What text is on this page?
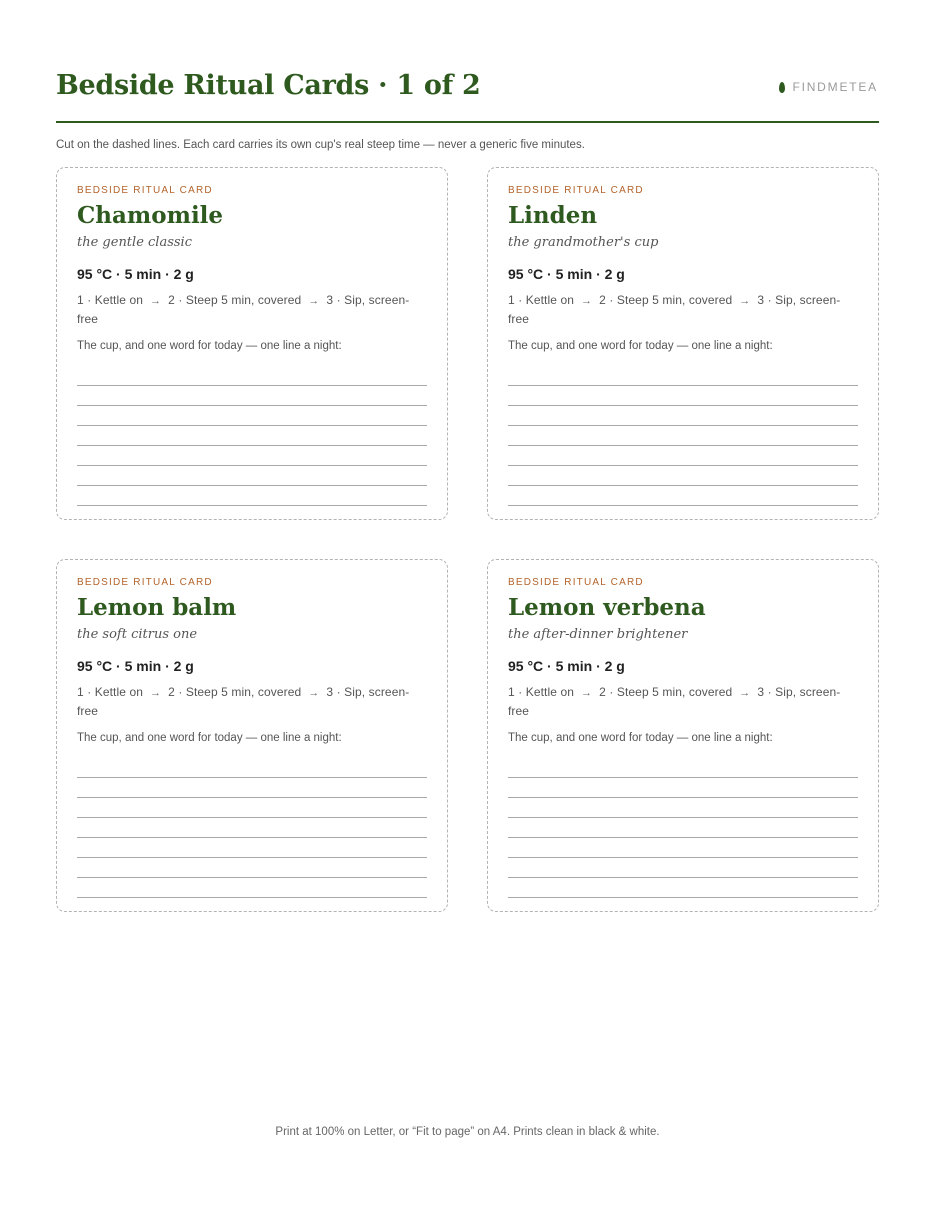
Bedside Ritual Cards · 1 of 2	FINDMETEA

Cut on the dashed lines. Each card carries its own cup's real steep time — never a generic five minutes.

BEDSIDE RITUAL CARD
Chamomile
the gentle classic
95 °C · 5 min · 2 g
1 · Kettle on → 2 · Steep 5 min, covered → 3 · Sip, screen-free
The cup, and one word for today — one line a night:
BEDSIDE RITUAL CARD
Linden
the grandmother's cup
95 °C · 5 min · 2 g
1 · Kettle on → 2 · Steep 5 min, covered → 3 · Sip, screen-free
The cup, and one word for today — one line a night:
BEDSIDE RITUAL CARD
Lemon balm
the soft citrus one
95 °C · 5 min · 2 g
1 · Kettle on → 2 · Steep 5 min, covered → 3 · Sip, screen-free
The cup, and one word for today — one line a night:
BEDSIDE RITUAL CARD
Lemon verbena
the after-dinner brightener
95 °C · 5 min · 2 g
1 · Kettle on → 2 · Steep 5 min, covered → 3 · Sip, screen-free
The cup, and one word for today — one line a night:

Print at 100% on Letter, or “Fit to page” on A4. Prints clean in black & white.
